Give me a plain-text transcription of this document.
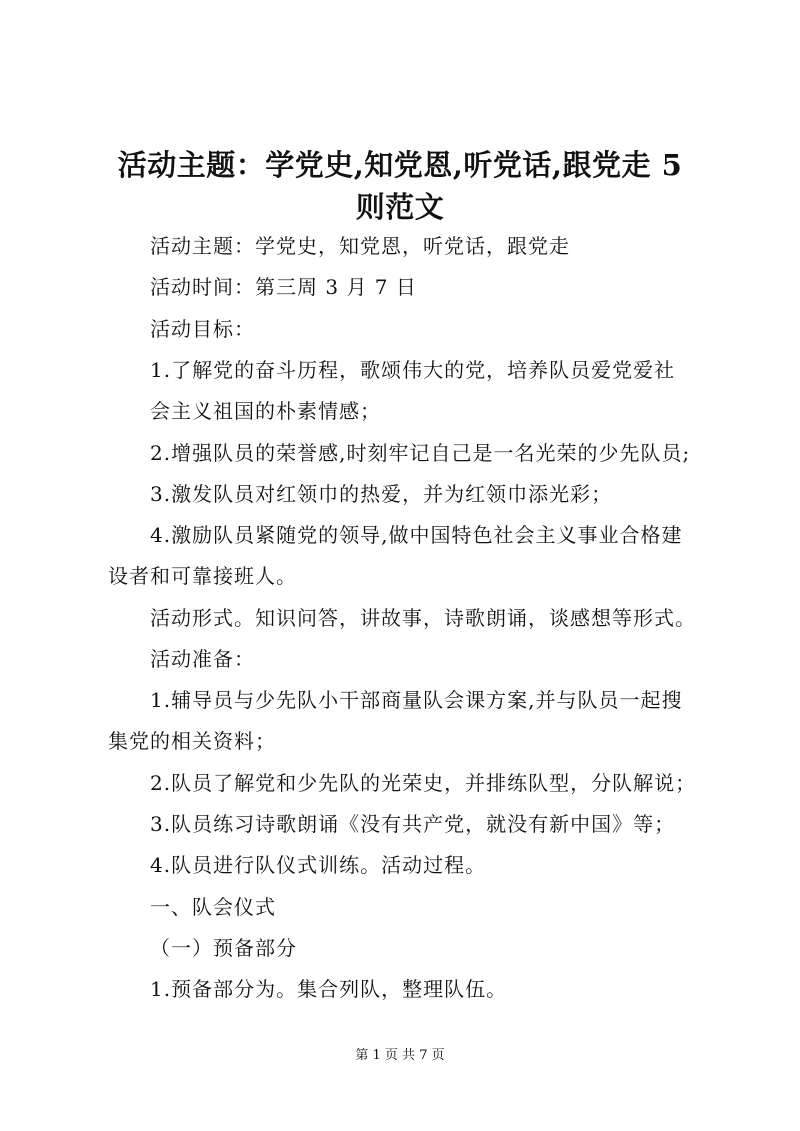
活动主题：学党史,知党恩,听党话,跟党走 5
则范文
活动主题：学党史，知党恩，听党话，跟党走
活动时间：第三周 3 月 7 日
活动目标：
1.了解党的奋斗历程，歌颂伟大的党，培养队员爱党爱社
会主义祖国的朴素情感；
2.增强队员的荣誉感,时刻牢记自己是一名光荣的少先队员;
3.激发队员对红领巾的热爱，并为红领巾添光彩；
4.激励队员紧随党的领导,做中国特色社会主义事业合格建
设者和可靠接班人。
活动形式。知识问答，讲故事，诗歌朗诵，谈感想等形式。
活动准备：
1.辅导员与少先队小干部商量队会课方案,并与队员一起搜
集党的相关资料；
2.队员了解党和少先队的光荣史，并排练队型，分队解说；
3.队员练习诗歌朗诵《没有共产党，就没有新中国》等；
4.队员进行队仪式训练。活动过程。
一、队会仪式
（一）预备部分
1.预备部分为。集合列队，整理队伍。
第 1 页 共 7 页
